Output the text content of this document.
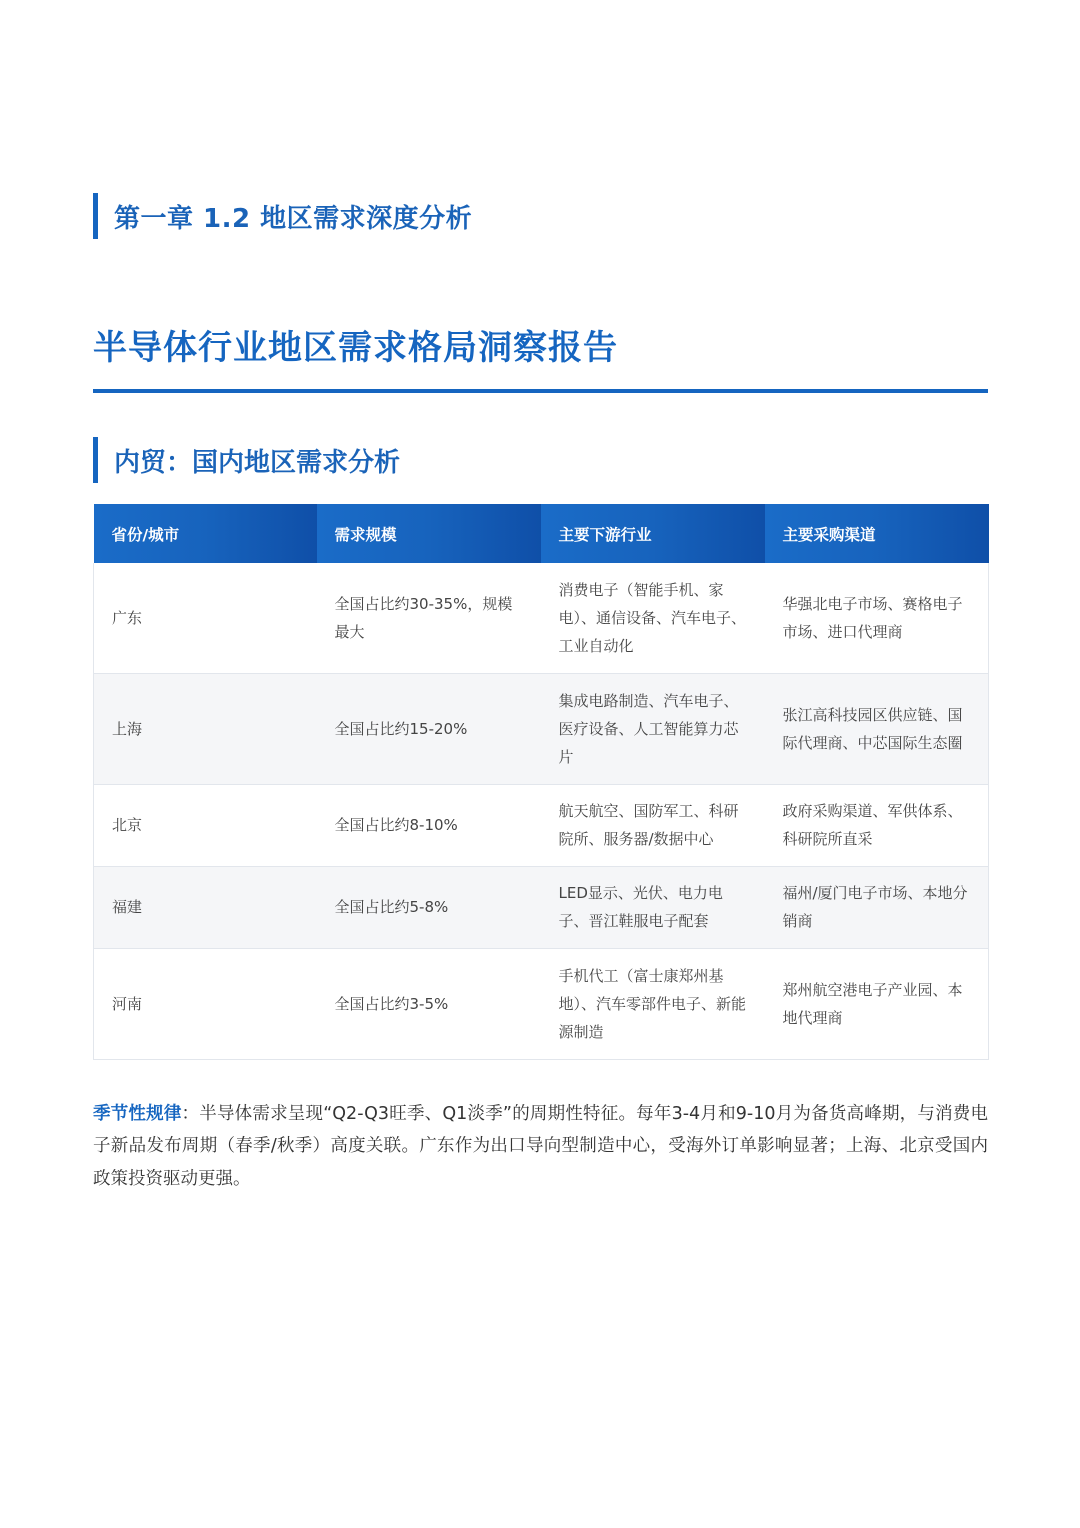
第一章 1.2 地区需求深度分析
半导体行业地区需求格局洞察报告
内贸：国内地区需求分析
省份/城市	需求规模	主要下游行业	主要采购渠道
广东	全国占比约30-35%，规模最大	消费电子（智能手机、家电）、通信设备、汽车电子、工业自动化	华强北电子市场、赛格电子市场、进口代理商
上海	全国占比约15-20%	集成电路制造、汽车电子、医疗设备、人工智能算力芯片	张江高科技园区供应链、国际代理商、中芯国际生态圈
北京	全国占比约8-10%	航天航空、国防军工、科研院所、服务器/数据中心	政府采购渠道、军供体系、科研院所直采
福建	全国占比约5-8%	LED显示、光伏、电力电子、晋江鞋服电子配套	福州/厦门电子市场、本地分销商
河南	全国占比约3-5%	手机代工（富士康郑州基地）、汽车零部件电子、新能源制造	郑州航空港电子产业园、本地代理商

季节性规律：半导体需求呈现“Q2-Q3旺季、Q1淡季”的周期性特征。每年3-4月和9-10月为备货高峰期，与消费电子新品发布周期（春季/秋季）高度关联。广东作为出口导向型制造中心，受海外订单影响显著；上海、北京受国内政策投资驱动更强。
